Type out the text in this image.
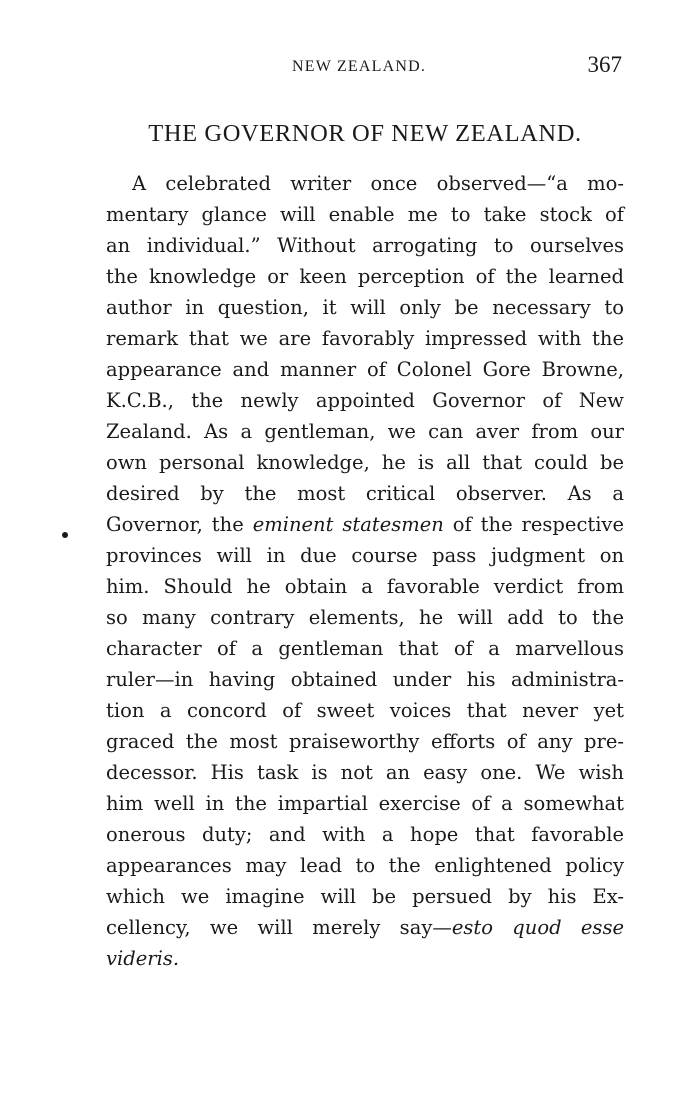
NEW ZEALAND.	367
THE GOVERNOR OF NEW ZEALAND.
A celebrated writer once observed—“a mo-
mentary glance will enable me to take stock of
an individual.” Without arrogating to ourselves
the knowledge or keen perception of the learned
author in question, it will only be necessary to
remark that we are favorably impressed with the
appearance and manner of Colonel Gore Browne,
K.C.B., the newly appointed Governor of New
Zealand. As a gentleman, we can aver from our
own personal knowledge, he is all that could be
desired by the most critical observer. As a
Governor, the eminent statesmen of the respective
provinces will in due course pass judgment on
him. Should he obtain a favorable verdict from
so many contrary elements, he will add to the
character of a gentleman that of a marvellous
ruler—in having obtained under his administra-
tion a concord of sweet voices that never yet
graced the most praiseworthy efforts of any pre-
decessor. His task is not an easy one. We wish
him well in the impartial exercise of a somewhat
onerous duty; and with a hope that favorable
appearances may lead to the enlightened policy
which we imagine will be persued by his Ex-
cellency, we will merely say—esto quod esse
videris.
